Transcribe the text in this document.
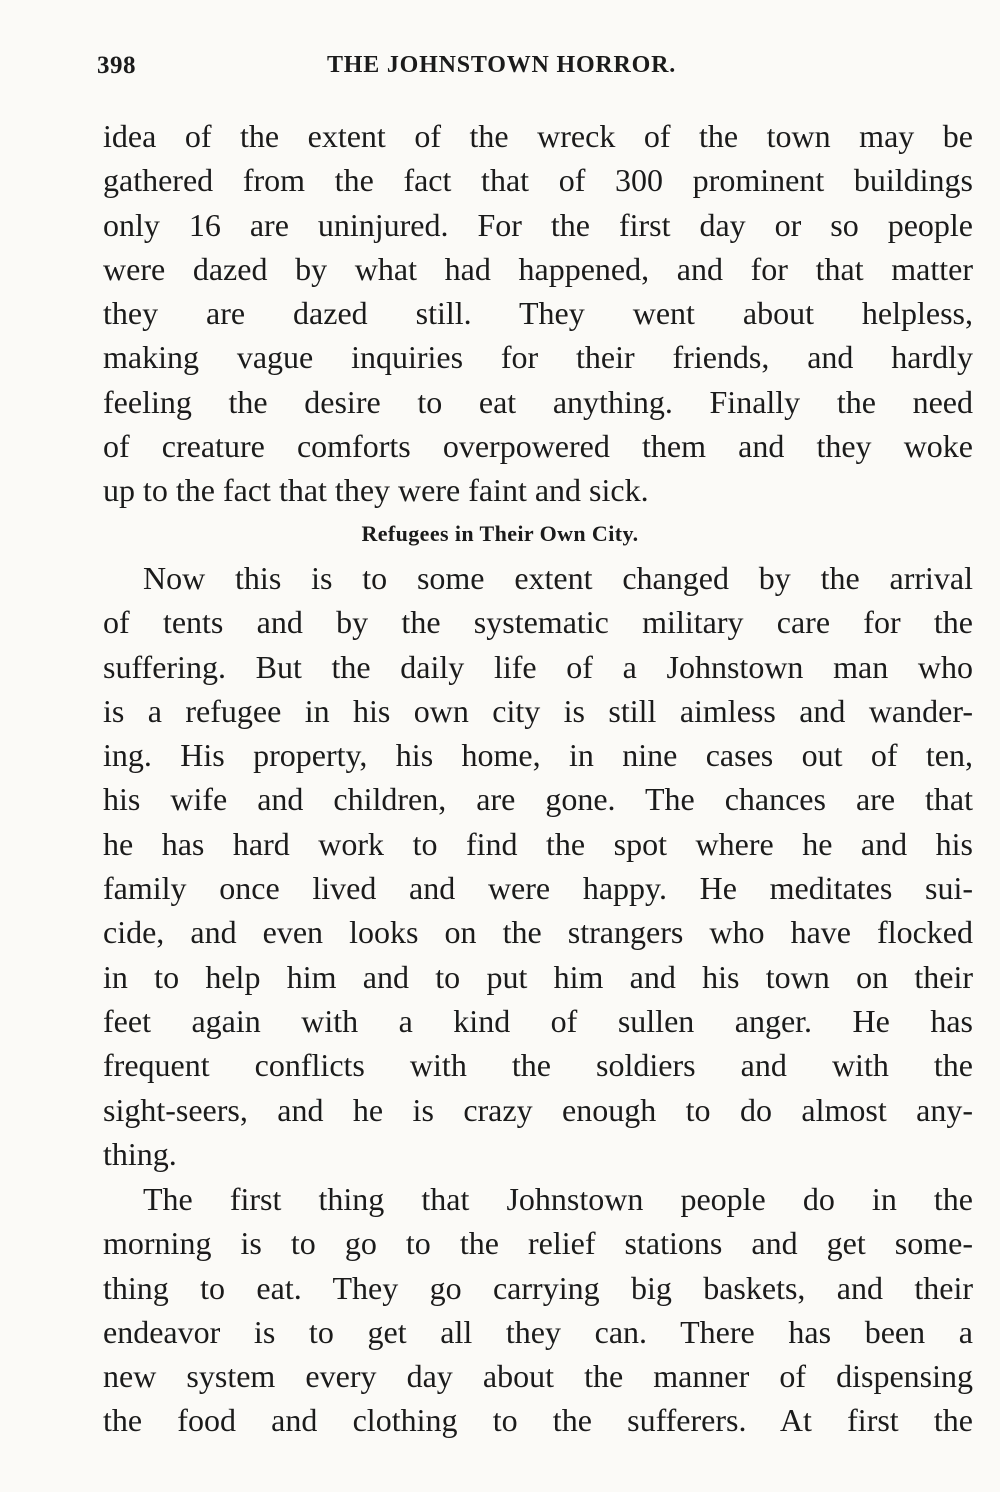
398	THE JOHNSTOWN HORROR.
idea of the extent of the wreck of the town may be
gathered from the fact that of 300 prominent buildings
only 16 are uninjured. For the first day or so people
were dazed by what had happened, and for that matter
they are dazed still. They went about helpless,
making vague inquiries for their friends, and hardly
feeling the desire to eat anything. Finally the need
of creature comforts overpowered them and they woke
up to the fact that they were faint and sick.
Refugees in Their Own City.
Now this is to some extent changed by the arrival
of tents and by the systematic military care for the
suffering. But the daily life of a Johnstown man who
is a refugee in his own city is still aimless and wander-
ing. His property, his home, in nine cases out of ten,
his wife and children, are gone. The chances are that
he has hard work to find the spot where he and his
family once lived and were happy. He meditates sui-
cide, and even looks on the strangers who have flocked
in to help him and to put him and his town on their
feet again with a kind of sullen anger. He has
frequent conflicts with the soldiers and with the
sight-seers, and he is crazy enough to do almost any-
thing.
The first thing that Johnstown people do in the
morning is to go to the relief stations and get some-
thing to eat. They go carrying big baskets, and their
endeavor is to get all they can. There has been a
new system every day about the manner of dispensing
the food and clothing to the sufferers. At first the
